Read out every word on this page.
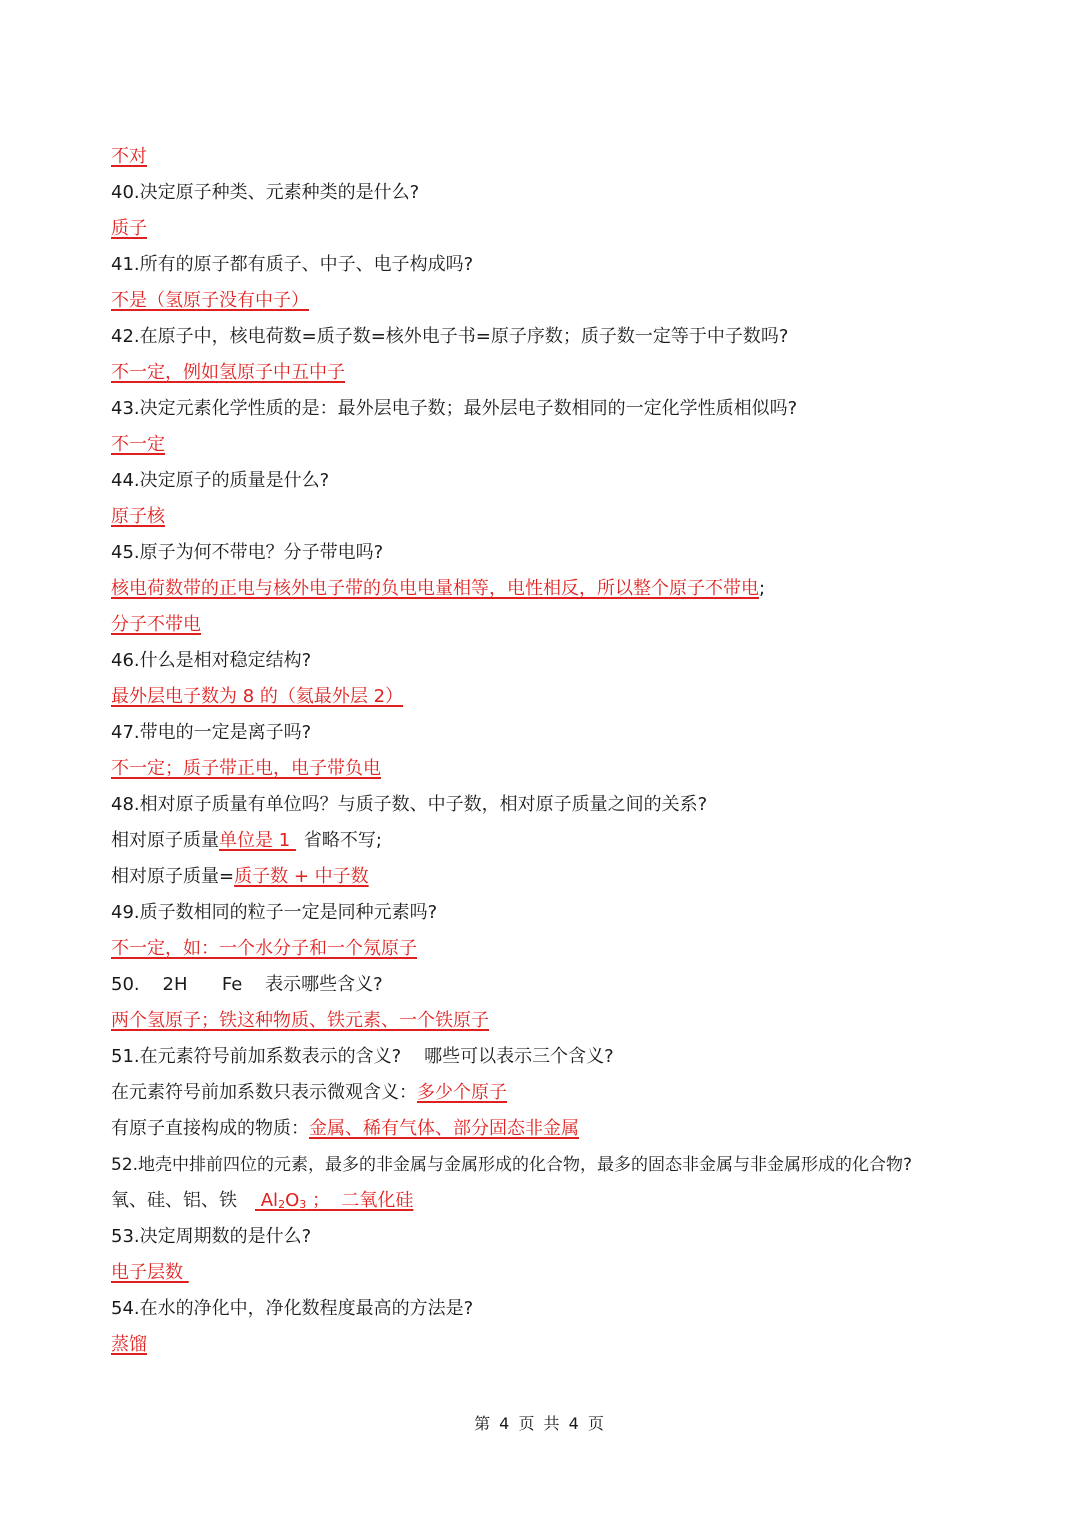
不对
40.决定原子种类、元素种类的是什么?
质子
41.所有的原子都有质子、中子、电子构成吗?
不是（氢原子没有中子）
42.在原子中，核电荷数=质子数=核外电子书=原子序数；质子数一定等于中子数吗?
不一定，例如氢原子中五中子
43.决定元素化学性质的是：最外层电子数；最外层电子数相同的一定化学性质相似吗?
不一定
44.决定原子的质量是什么?
原子核
45.原子为何不带电？分子带电吗?
核电荷数带的正电与核外电子带的负电电量相等，电性相反，所以整个原子不带电;
分子不带电
46.什么是相对稳定结构?
最外层电子数为 8 的（氦最外层 2）
47.带电的一定是离子吗?
不一定；质子带正电，电子带负电
48.相对原子质量有单位吗？与质子数、中子数，相对原子质量之间的关系?
相对原子质量单位是 1 省略不写;
相对原子质量=质子数 + 中子数
49.质子数相同的粒子一定是同种元素吗?
不一定，如：一个水分子和一个氖原子
50.    2H      Fe    表示哪些含义?
两个氢原子；铁这种物质、铁元素、一个铁原子
51.在元素符号前加系数表示的含义?    哪些可以表示三个含义?
在元素符号前加系数只表示微观含义：多少个原子
有原子直接构成的物质：金属、稀有气体、部分固态非金属
52.地壳中排前四位的元素，最多的非金属与金属形成的化合物，最多的固态非金属与非金属形成的化合物?
氧、硅、铝、铁 Al2O3 ； 二氧化硅
53.决定周期数的是什么?
电子层数
54.在水的净化中，净化数程度最高的方法是?
蒸馏
第 4 页 共 4 页
